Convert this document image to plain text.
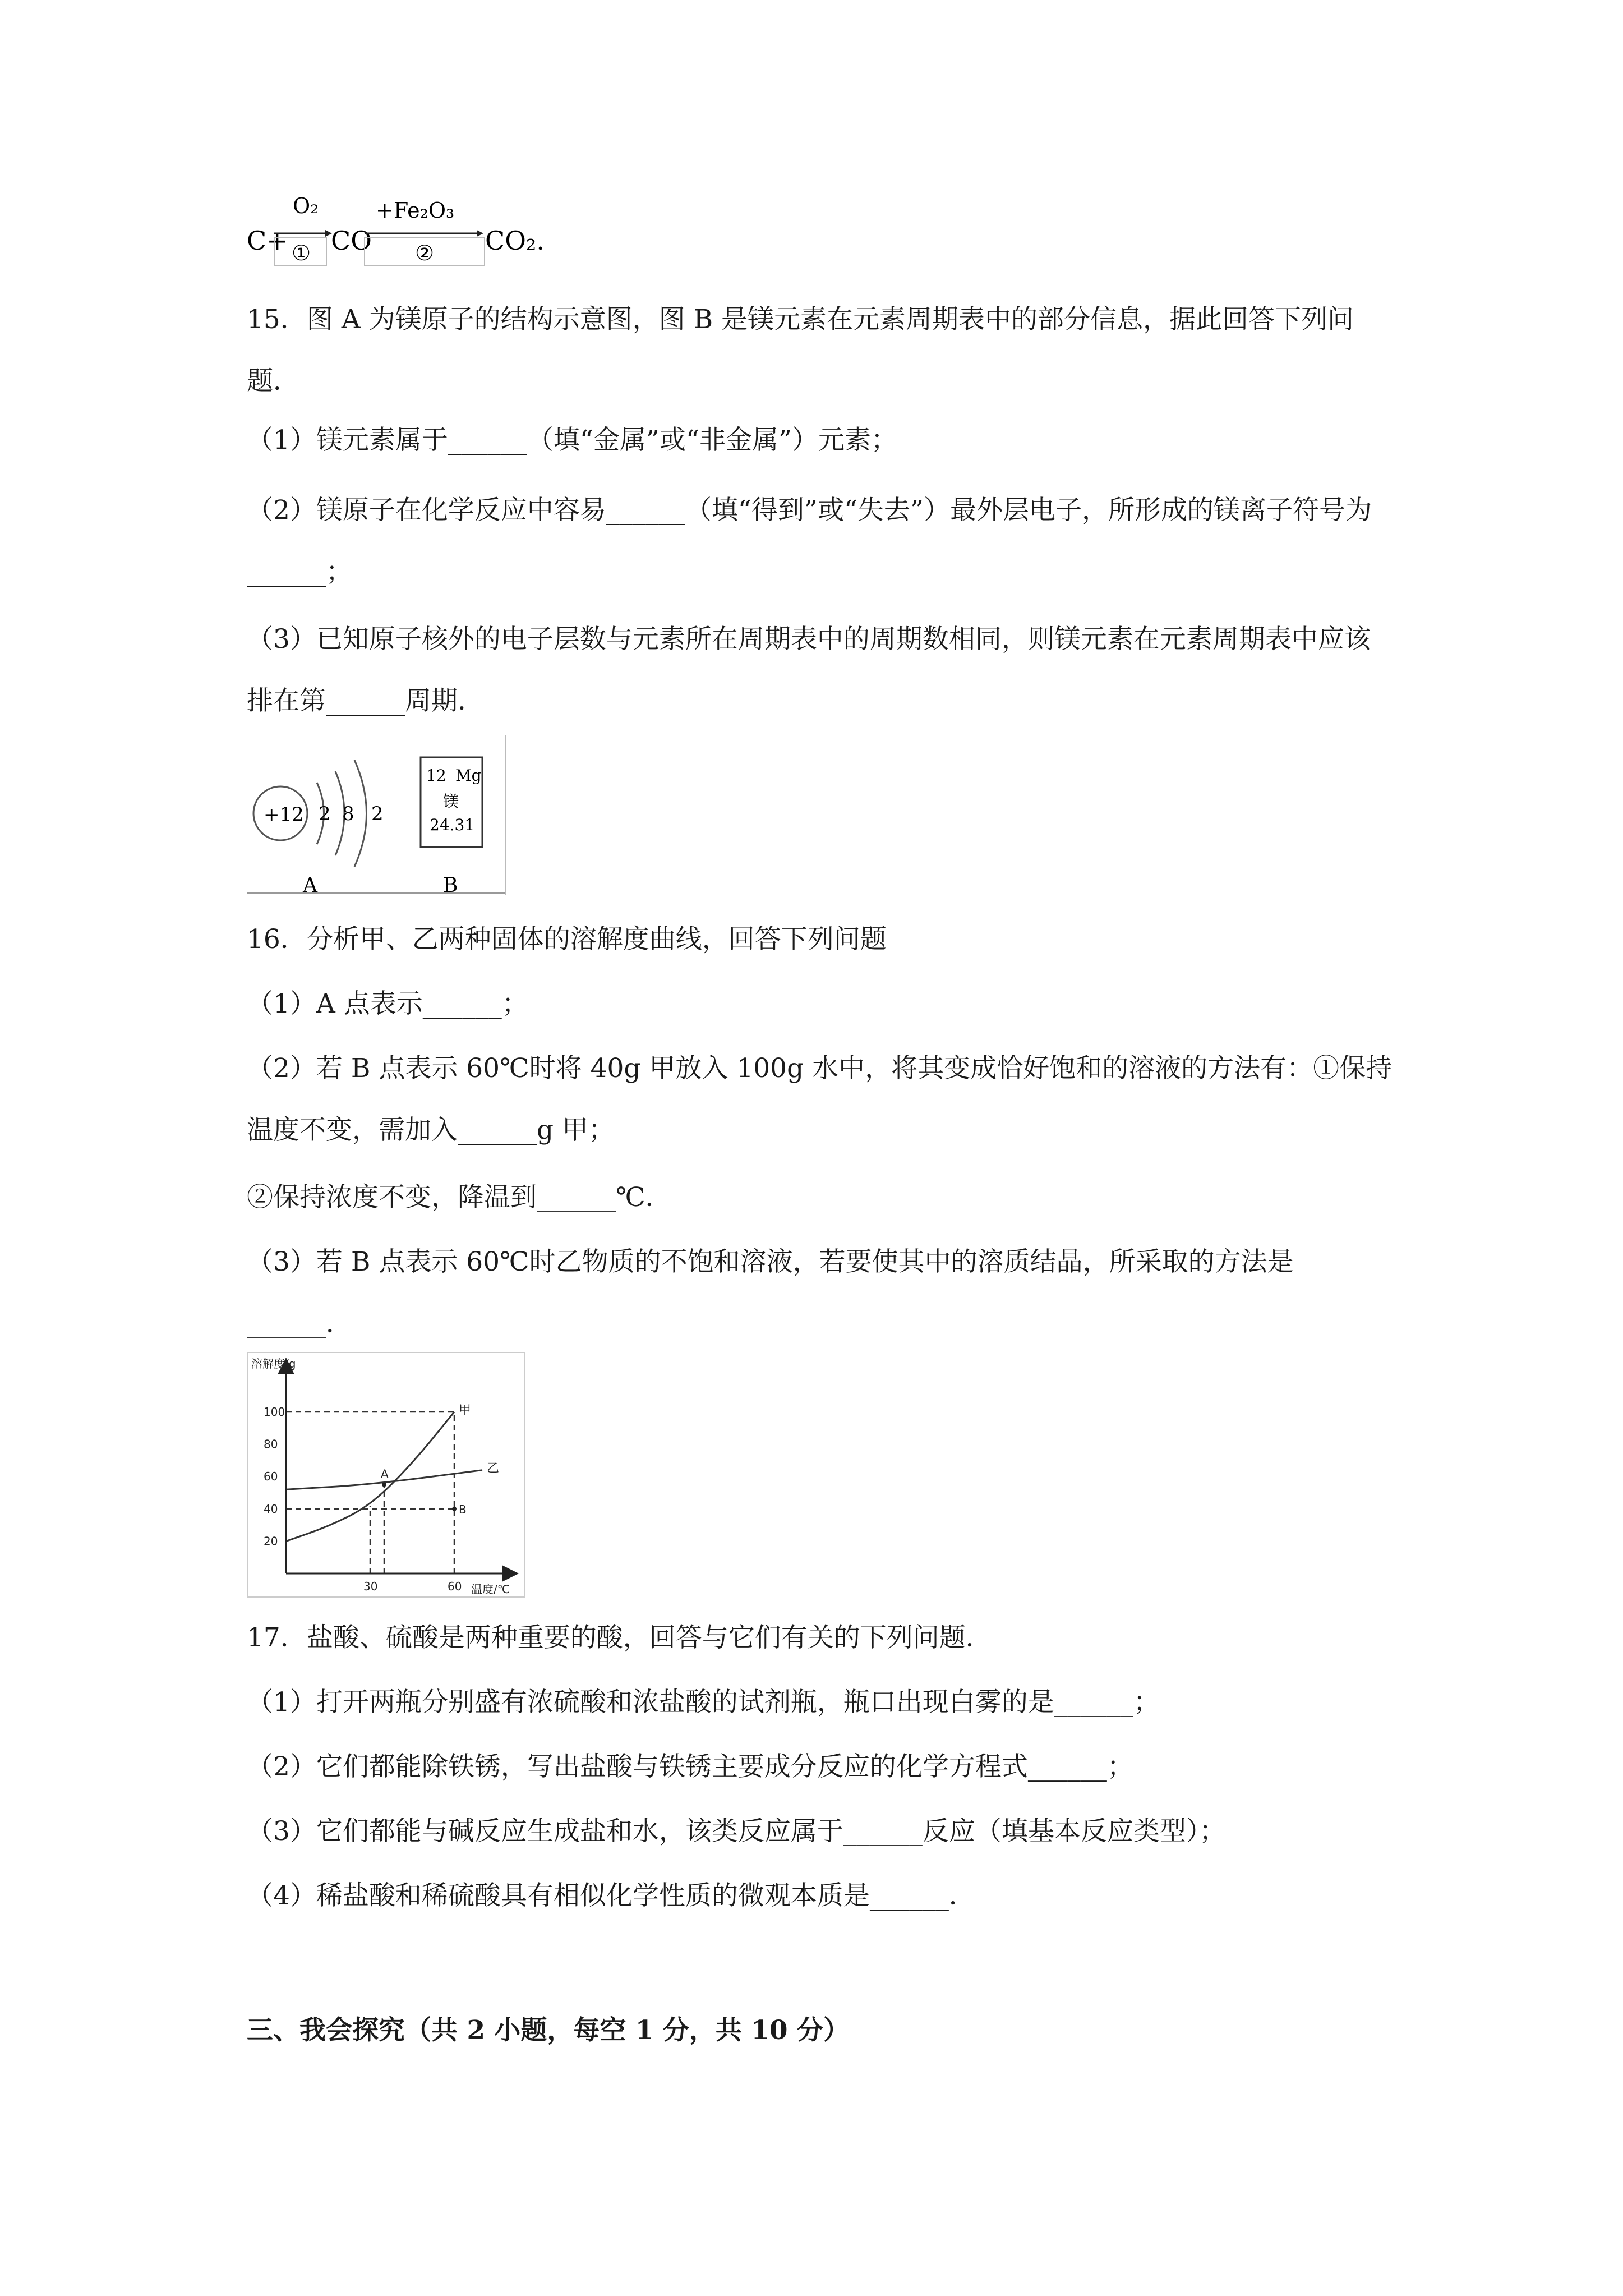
C+
O₂
① CO
+Fe₂O₃
② CO₂.
15．图 A 为镁原子的结构示意图，图 B 是镁元素在元素周期表中的部分信息，据此回答下列问题．
（1）镁元素属于______（填“金属”或“非金属”）元素；
（2）镁原子在化学反应中容易______（填“得到”或“失去”）最外层电子，所形成的镁离子符号为______；
（3）已知原子核外的电子层数与元素所在周期表中的周期数相同，则镁元素在元素周期表中应该排在第______周期．
+12 2 8 2
A
12 Mg
镁
24.31
B
16．分析甲、乙两种固体的溶解度曲线，回答下列问题
（1）A 点表示______；
（2）若 B 点表示 60℃时将 40g 甲放入 100g 水中，将其变成恰好饱和的溶液的方法有：①保持温度不变，需加入______g 甲；
②保持浓度不变，降温到______℃．
（3）若 B 点表示 60℃时乙物质的不饱和溶液，若要使其中的溶质结晶，所采取的方法是______．
溶解度/g
温度/℃
20
40
60
80
100
30	60
甲
乙
A
B
17．盐酸、硫酸是两种重要的酸，回答与它们有关的下列问题．
（1）打开两瓶分别盛有浓硫酸和浓盐酸的试剂瓶，瓶口出现白雾的是______；
（2）它们都能除铁锈，写出盐酸与铁锈主要成分反应的化学方程式______；
（3）它们都能与碱反应生成盐和水，该类反应属于______反应（填基本反应类型）；
（4）稀盐酸和稀硫酸具有相似化学性质的微观本质是______．
三、我会探究（共 2 小题，每空 1 分，共 10 分）
